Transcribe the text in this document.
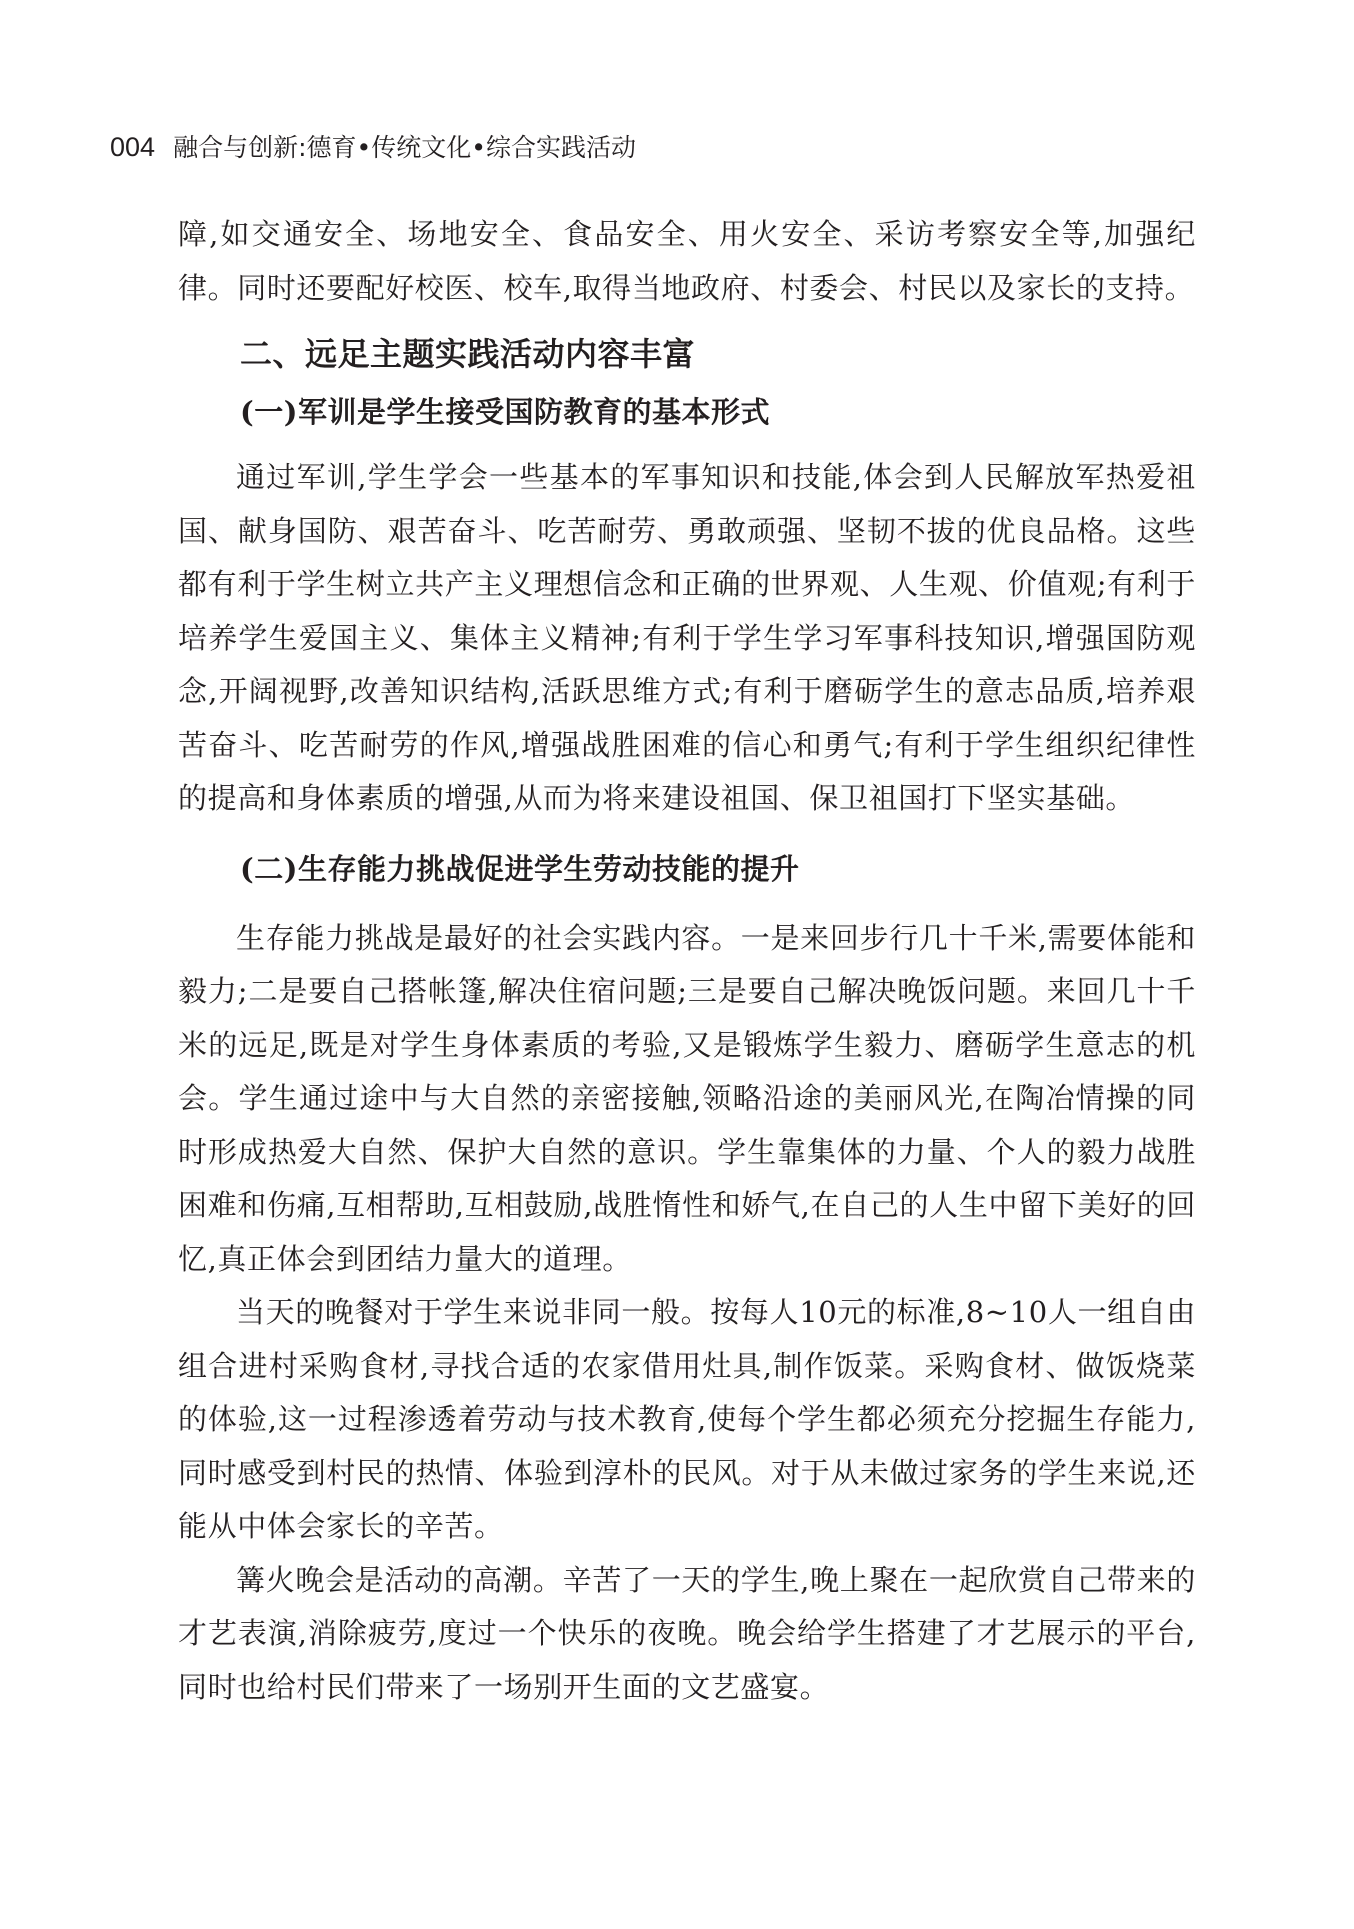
004 融合与创新:德育•传统文化•综合实践活动

障,如交通安全、场地安全、食品安全、用火安全、采访考察安全等,加强纪律。同时还要配好校医、校车,取得当地政府、村委会、村民以及家长的支持。

二、远足主题实践活动内容丰富
(一)军训是学生接受国防教育的基本形式

通过军训,学生学会一些基本的军事知识和技能,体会到人民解放军热爱祖国、献身国防、艰苦奋斗、吃苦耐劳、勇敢顽强、坚韧不拔的优良品格。这些都有利于学生树立共产主义理想信念和正确的世界观、人生观、价值观;有利于培养学生爱国主义、集体主义精神;有利于学生学习军事科技知识,增强国防观念,开阔视野,改善知识结构,活跃思维方式;有利于磨砺学生的意志品质,培养艰苦奋斗、吃苦耐劳的作风,增强战胜困难的信心和勇气;有利于学生组织纪律性的提高和身体素质的增强,从而为将来建设祖国、保卫祖国打下坚实基础。

(二)生存能力挑战促进学生劳动技能的提升

生存能力挑战是最好的社会实践内容。一是来回步行几十千米,需要体能和毅力;二是要自己搭帐篷,解决住宿问题;三是要自己解决晚饭问题。来回几十千米的远足,既是对学生身体素质的考验,又是锻炼学生毅力、磨砺学生意志的机会。学生通过途中与大自然的亲密接触,领略沿途的美丽风光,在陶冶情操的同时形成热爱大自然、保护大自然的意识。学生靠集体的力量、个人的毅力战胜困难和伤痛,互相帮助,互相鼓励,战胜惰性和娇气,在自己的人生中留下美好的回忆,真正体会到团结力量大的道理。

当天的晚餐对于学生来说非同一般。按每人10元的标准,8~10人一组自由组合进村采购食材,寻找合适的农家借用灶具,制作饭菜。采购食材、做饭烧菜的体验,这一过程渗透着劳动与技术教育,使每个学生都必须充分挖掘生存能力,同时感受到村民的热情、体验到淳朴的民风。对于从未做过家务的学生来说,还能从中体会家长的辛苦。

篝火晚会是活动的高潮。辛苦了一天的学生,晚上聚在一起欣赏自己带来的才艺表演,消除疲劳,度过一个快乐的夜晚。晚会给学生搭建了才艺展示的平台,同时也给村民们带来了一场别开生面的文艺盛宴。
